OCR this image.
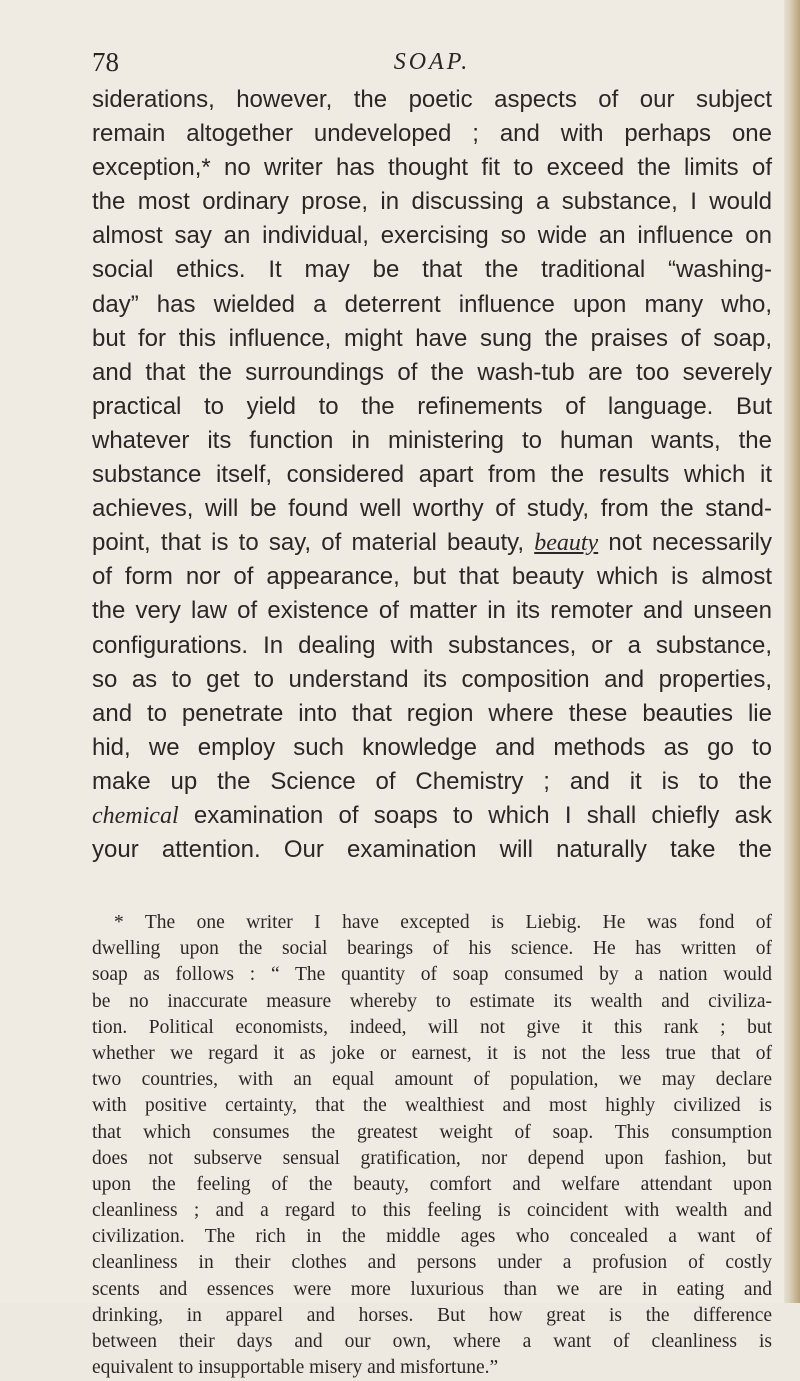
78	SOAP.
siderations, however, the poetic aspects of our subject
remain altogether undeveloped ; and with perhaps one
exception,* no writer has thought fit to exceed the limits of
the most ordinary prose, in discussing a substance, I would
almost say an individual, exercising so wide an influence on
social ethics. It may be that the traditional “washing-
day” has wielded a deterrent influence upon many who,
but for this influence, might have sung the praises of soap,
and that the surroundings of the wash-tub are too severely
practical to yield to the refinements of language. But
whatever its function in ministering to human wants, the
substance itself, considered apart from the results which it
achieves, will be found well worthy of study, from the stand-
point, that is to say, of material beauty, beauty not necessarily
of form nor of appearance, but that beauty which is almost
the very law of existence of matter in its remoter and unseen
configurations. In dealing with substances, or a substance,
so as to get to understand its composition and properties,
and to penetrate into that region where these beauties lie
hid, we employ such knowledge and methods as go to
make up the Science of Chemistry ; and it is to the
chemical examination of soaps to which I shall chiefly ask
your attention. Our examination will naturally take the
* The one writer I have excepted is Liebig. He was fond of
dwelling upon the social bearings of his science. He has written of
soap as follows : “ The quantity of soap consumed by a nation would
be no inaccurate measure whereby to estimate its wealth and civiliza-
tion. Political economists, indeed, will not give it this rank ; but
whether we regard it as joke or earnest, it is not the less true that of
two countries, with an equal amount of population, we may declare
with positive certainty, that the wealthiest and most highly civilized is
that which consumes the greatest weight of soap. This consumption
does not subserve sensual gratification, nor depend upon fashion, but
upon the feeling of the beauty, comfort and welfare attendant upon
cleanliness ; and a regard to this feeling is coincident with wealth and
civilization. The rich in the middle ages who concealed a want of
cleanliness in their clothes and persons under a profusion of costly
scents and essences were more luxurious than we are in eating and
drinking, in apparel and horses. But how great is the difference
between their days and our own, where a want of cleanliness is
equivalent to insupportable misery and misfortune.”
